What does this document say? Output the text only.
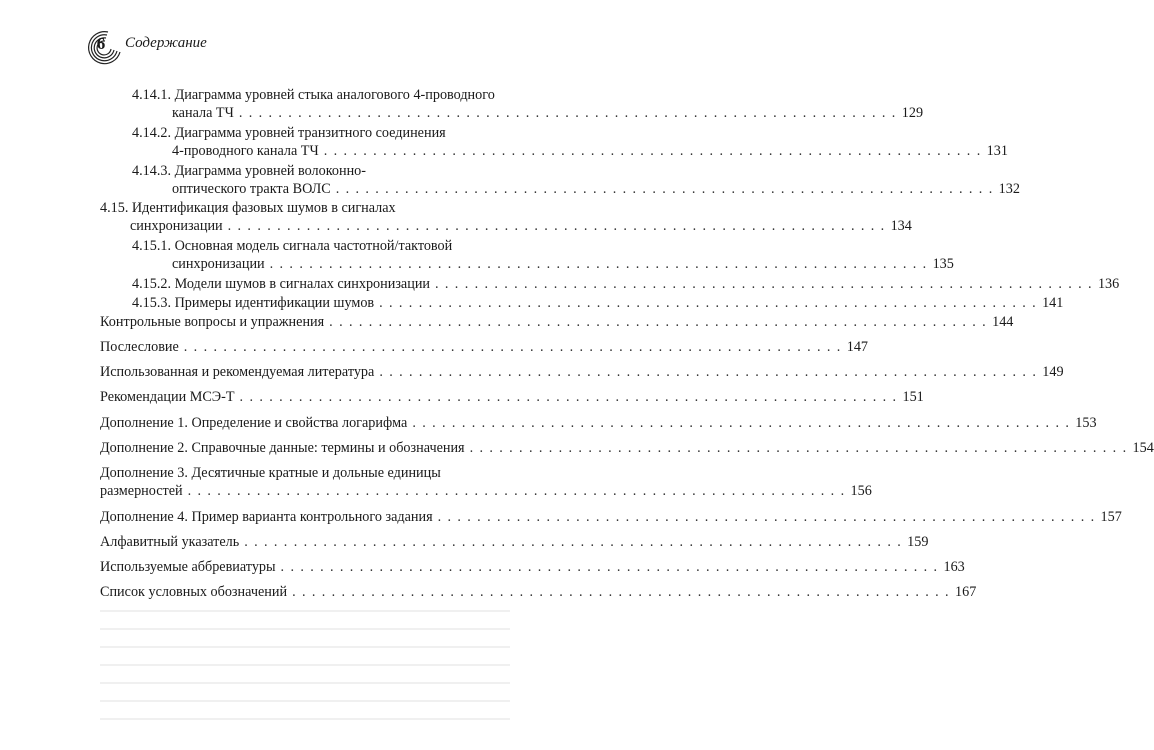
6	Содержание
4.14.1. Диаграмма уровней стыка аналогового 4-проводного
канала ТЧ . . . . . . . . . . . . . . . . . . . . . . . . . . . . . . . . . . . . . . . . . . . . . . . . . . . . . . . . . . . . . . . . . . . 129
4.14.2. Диаграмма уровней транзитного соединения
4-проводного канала ТЧ . . . . . . . . . . . . . . . . . . . . . . . . . . . . . . . . . . . . . . . . . . . . . . . . . . . . . . . . . . . . . . . . . . . 131
4.14.3. Диаграмма уровней волоконно-
оптического тракта ВОЛС . . . . . . . . . . . . . . . . . . . . . . . . . . . . . . . . . . . . . . . . . . . . . . . . . . . . . . . . . . . . . . . . . . . 132
4.15. Идентификация фазовых шумов в сигналах
синхронизации . . . . . . . . . . . . . . . . . . . . . . . . . . . . . . . . . . . . . . . . . . . . . . . . . . . . . . . . . . . . . . . . . . . 134
4.15.1. Основная модель сигнала частотной/тактовой
синхронизации . . . . . . . . . . . . . . . . . . . . . . . . . . . . . . . . . . . . . . . . . . . . . . . . . . . . . . . . . . . . . . . . . . . 135
4.15.2. Модели шумов в сигналах синхронизации . . . . . . . . . . . . . . . . . . . . . . . . . . . . . . . . . . . . . . . . . . . . . . . . . . . . . . . . . . . . . . . . . . . 136
4.15.3. Примеры идентификации шумов . . . . . . . . . . . . . . . . . . . . . . . . . . . . . . . . . . . . . . . . . . . . . . . . . . . . . . . . . . . . . . . . . . . 141
Контрольные вопросы и упражнения . . . . . . . . . . . . . . . . . . . . . . . . . . . . . . . . . . . . . . . . . . . . . . . . . . . . . . . . . . . . . . . . . . . 144
Послесловие . . . . . . . . . . . . . . . . . . . . . . . . . . . . . . . . . . . . . . . . . . . . . . . . . . . . . . . . . . . . . . . . . . . 147
Использованная и рекомендуемая литература . . . . . . . . . . . . . . . . . . . . . . . . . . . . . . . . . . . . . . . . . . . . . . . . . . . . . . . . . . . . . . . . . . . 149
Рекомендации МСЭ-Т . . . . . . . . . . . . . . . . . . . . . . . . . . . . . . . . . . . . . . . . . . . . . . . . . . . . . . . . . . . . . . . . . . . 151
Дополнение 1. Определение и свойства логарифма . . . . . . . . . . . . . . . . . . . . . . . . . . . . . . . . . . . . . . . . . . . . . . . . . . . . . . . . . . . . . . . . . . . 153
Дополнение 2. Справочные данные: термины и обозначения . . . . . . . . . . . . . . . . . . . . . . . . . . . . . . . . . . . . . . . . . . . . . . . . . . . . . . . . . . . . . . . . . . . 154
Дополнение 3. Десятичные кратные и дольные единицы
размерностей . . . . . . . . . . . . . . . . . . . . . . . . . . . . . . . . . . . . . . . . . . . . . . . . . . . . . . . . . . . . . . . . . . . 156
Дополнение 4. Пример варианта контрольного задания . . . . . . . . . . . . . . . . . . . . . . . . . . . . . . . . . . . . . . . . . . . . . . . . . . . . . . . . . . . . . . . . . . . 157
Алфавитный указатель . . . . . . . . . . . . . . . . . . . . . . . . . . . . . . . . . . . . . . . . . . . . . . . . . . . . . . . . . . . . . . . . . . . 159
Используемые аббревиатуры . . . . . . . . . . . . . . . . . . . . . . . . . . . . . . . . . . . . . . . . . . . . . . . . . . . . . . . . . . . . . . . . . . . 163
Список условных обозначений . . . . . . . . . . . . . . . . . . . . . . . . . . . . . . . . . . . . . . . . . . . . . . . . . . . . . . . . . . . . . . . . . . . 167
